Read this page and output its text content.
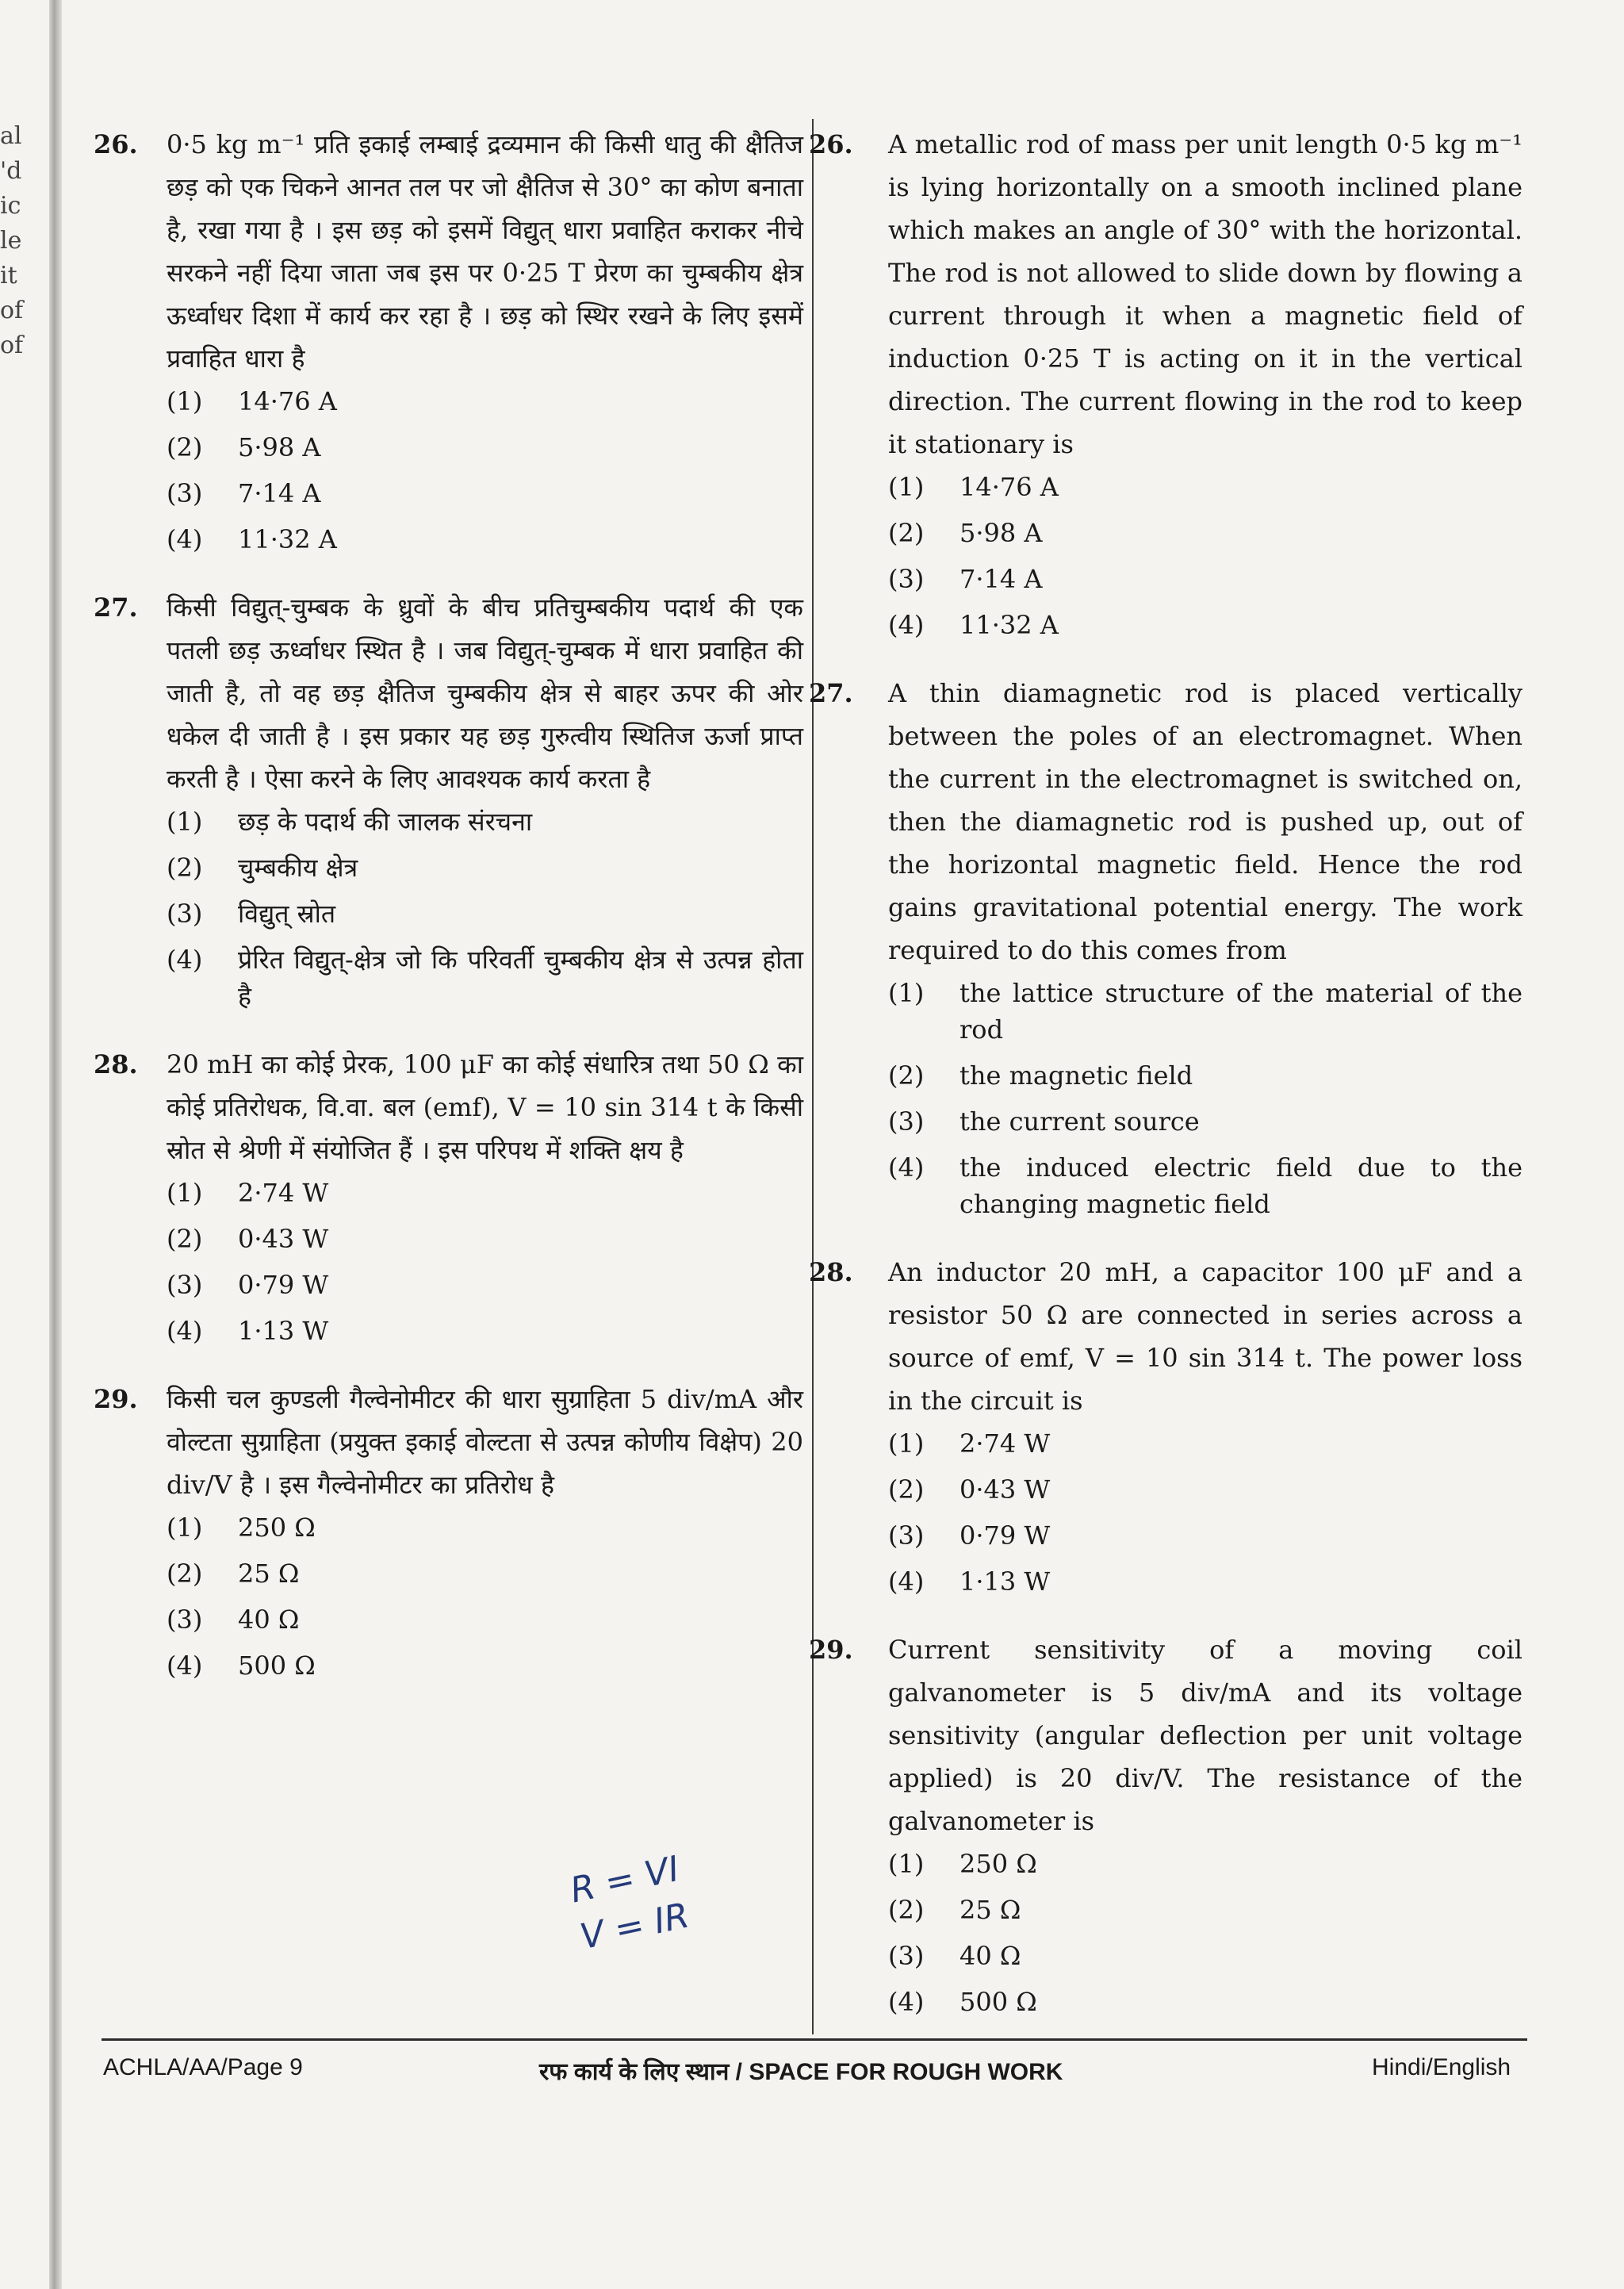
al
'd
ic
le
it
of
of
26. 0·5 kg m⁻¹ प्रति इकाई लम्बाई द्रव्यमान की किसी धातु की क्षैतिज छड़ को एक चिकने आनत तल पर जो क्षैतिज से 30° का कोण बनाता है, रखा गया है । इस छड़ को इसमें विद्युत् धारा प्रवाहित कराकर नीचे सरकने नहीं दिया जाता जब इस पर 0·25 T प्रेरण का चुम्बकीय क्षेत्र ऊर्ध्वाधर दिशा में कार्य कर रहा है । छड़ को स्थिर रखने के लिए इसमें प्रवाहित धारा है
(1)	14·76 A
(2)	5·98 A
(3)	7·14 A
(4)	11·32 A
27. किसी विद्युत्-चुम्बक के ध्रुवों के बीच प्रतिचुम्बकीय पदार्थ की एक पतली छड़ ऊर्ध्वाधर स्थित है । जब विद्युत्-चुम्बक में धारा प्रवाहित की जाती है, तो वह छड़ क्षैतिज चुम्बकीय क्षेत्र से बाहर ऊपर की ओर धकेल दी जाती है । इस प्रकार यह छड़ गुरुत्वीय स्थितिज ऊर्जा प्राप्त करती है । ऐसा करने के लिए आवश्यक कार्य करता है
(1)	छड़ के पदार्थ की जालक संरचना
(2)	चुम्बकीय क्षेत्र
(3)	विद्युत् स्रोत
(4)	प्रेरित विद्युत्-क्षेत्र जो कि परिवर्ती चुम्बकीय क्षेत्र से उत्पन्न होता है
28. 20 mH का कोई प्रेरक, 100 μF का कोई संधारित्र तथा 50 Ω का कोई प्रतिरोधक, वि.वा. बल (emf), V = 10 sin 314 t के किसी स्रोत से श्रेणी में संयोजित हैं । इस परिपथ में शक्ति क्षय है
(1)	2·74 W
(2)	0·43 W
(3)	0·79 W
(4)	1·13 W
29. किसी चल कुण्डली गैल्वेनोमीटर की धारा सुग्राहिता 5 div/mA और वोल्टता सुग्राहिता (प्रयुक्त इकाई वोल्टता से उत्पन्न कोणीय विक्षेप) 20 div/V है । इस गैल्वेनोमीटर का प्रतिरोध है
(1)	250 Ω
(2)	25 Ω
(3)	40 Ω
(4)	500 Ω
26. A metallic rod of mass per unit length 0·5 kg m⁻¹ is lying horizontally on a smooth inclined plane which makes an angle of 30° with the horizontal. The rod is not allowed to slide down by flowing a current through it when a magnetic field of induction 0·25 T is acting on it in the vertical direction. The current flowing in the rod to keep it stationary is
(1)	14·76 A
(2)	5·98 A
(3)	7·14 A
(4)	11·32 A
27. A thin diamagnetic rod is placed vertically between the poles of an electromagnet. When the current in the electromagnet is switched on, then the diamagnetic rod is pushed up, out of the horizontal magnetic field. Hence the rod gains gravitational potential energy. The work required to do this comes from
(1)	the lattice structure of the material of the rod
(2)	the magnetic field
(3)	the current source
(4)	the induced electric field due to the changing magnetic field
28. An inductor 20 mH, a capacitor 100 μF and a resistor 50 Ω are connected in series across a source of emf, V = 10 sin 314 t. The power loss in the circuit is
(1)	2·74 W
(2)	0·43 W
(3)	0·79 W
(4)	1·13 W
29. Current sensitivity of a moving coil galvanometer is 5 div/mA and its voltage sensitivity (angular deflection per unit voltage applied) is 20 div/V. The resistance of the galvanometer is
(1)	250 Ω
(2)	25 Ω
(3)	40 Ω
(4)	500 Ω
R = VI
V = IR
ACHLA/AA/Page 9	रफ कार्य के लिए स्थान / SPACE FOR ROUGH WORK	Hindi/English
